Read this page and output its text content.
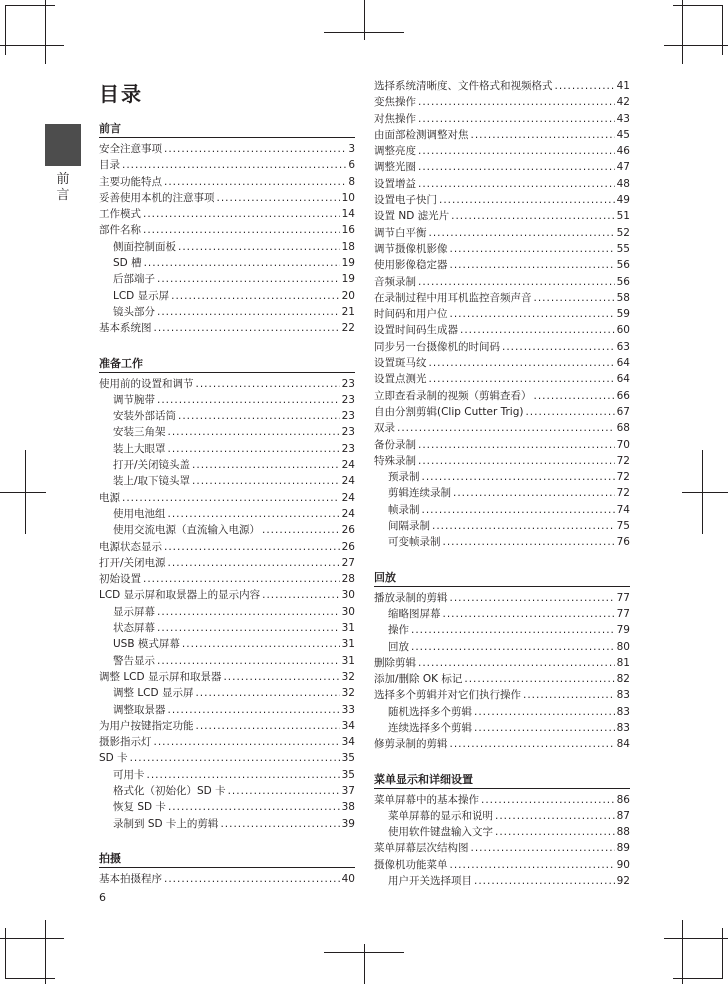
前言
目录
前言
安全注意事项 .....	3
目录 .....	6
主要功能特点 .....	8
妥善使用本机的注意事项 .....	10
工作模式 .....	14
部件名称 .....	16
侧面控制面板 .....	18
SD 槽 .....	19
后部端子 .....	19
LCD 显示屏 .....	20
镜头部分 .....	21
基本系统图 .....	22
准备工作
使用前的设置和调节 .....	23
调节腕带 .....	23
安装外部话筒 .....	23
安装三角架 .....	23
装上大眼罩 .....	23
打开/关闭镜头盖 .....	24
装上/取下镜头罩 .....	24
电源 .....	24
使用电池组 .....	24
使用交流电源（直流输入电源） .....	26
电源状态显示 .....	26
打开/关闭电源 .....	27
初始设置 .....	28
LCD 显示屏和取景器上的显示内容 .....	30
显示屏幕 .....	30
状态屏幕 .....	31
USB 模式屏幕 .....	31
警告显示 .....	31
调整 LCD 显示屏和取景器 .....	32
调整 LCD 显示屏 .....	32
调整取景器 .....	33
为用户按键指定功能 .....	34
摄影指示灯 .....	34
SD 卡 .....	35
可用卡 .....	35
格式化（初始化）SD 卡 .....	37
恢复 SD 卡 .....	38
录制到 SD 卡上的剪辑 .....	39
拍摄
基本拍摄程序 .....	40
选择系统清晰度、文件格式和视频格式 .....	41
变焦操作 .....	42
对焦操作 .....	43
由面部检测调整对焦 .....	45
调整亮度 .....	46
调整光圈 .....	47
设置增益 .....	48
设置电子快门 .....	49
设置 ND 滤光片 .....	51
调节白平衡 .....	52
调节摄像机影像 .....	55
使用影像稳定器 .....	56
音频录制 .....	56
在录制过程中用耳机监控音频声音 .....	58
时间码和用户位 .....	59
设置时间码生成器 .....	60
同步另一台摄像机的时间码 .....	63
设置斑马纹 .....	64
设置点测光 .....	64
立即查看录制的视频（剪辑查看） .....	66
自由分割剪辑(Clip Cutter Trig) .....	67
双录 .....	68
备份录制 .....	70
特殊录制 .....	72
预录制 .....	72
剪辑连续录制 .....	72
帧录制 .....	74
间隔录制 .....	75
可变帧录制 .....	76
回放
播放录制的剪辑 .....	77
缩略图屏幕 .....	77
操作 .....	79
回放 .....	80
删除剪辑 .....	81
添加/删除 OK 标记 .....	82
选择多个剪辑并对它们执行操作 .....	83
随机选择多个剪辑 .....	83
连续选择多个剪辑 .....	83
修剪录制的剪辑 .....	84
菜单显示和详细设置
菜单屏幕中的基本操作 .....	86
菜单屏幕的显示和说明 .....	87
使用软件键盘输入文字 .....	88
菜单屏幕层次结构图 .....	89
摄像机功能菜单 .....	90
用户开关选择项目 .....	92
6
